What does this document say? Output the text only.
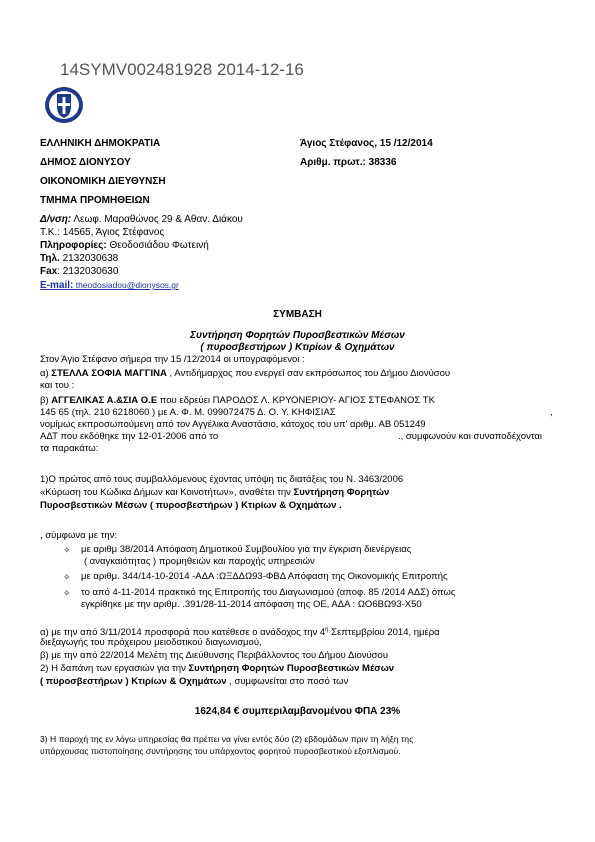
14SYMV002481928 2014-12-16
ΕΛΛΗΝΙΚΗ ΔΗΜΟΚΡΑΤΙΑ
ΔΗΜΟΣ ΔΙΟΝΥΣΟΥ
ΟΙΚΟΝΟΜΙΚΗ ΔΙΕΥΘΥΝΣΗ
ΤΜΗΜΑ ΠΡΟΜΗΘΕΙΩΝ
Άγιος Στέφανος, 15 /12/2014
Αριθμ. πρωτ.: 38336
Δ/νση: Λεωφ. Μαραθώνος 29 & Αθαν. Διάκου
Τ.Κ.: 14565, Άγιος Στέφανος
Πληροφορίες: Θεοδοσιάδου Φωτεινή
Τηλ. 2132030638
Fax: 2132030630
E-mail: theodosiadou@dionysos.gr
ΣΥΜΒΑΣΗ
Συντήρηση Φορητών Πυροσβεστικών Μέσων
( πυροσβεστήρων ) Κτιρίων & Οχημάτων
Στον Άγιο Στέφανο σήμερα την 15 /12/2014 οι υπογραφόμενοι :
α) ΣΤΕΛΛΑ ΣΟΦΙΑ ΜΑΓΓΙΝΑ , Αντιδήμαρχος που ενεργεί σαν εκπρόσωπος του Δήμου Διονύσου
και του :
β) ΑΓΓΕΛΙΚΑΣ Α.&ΣΙΑ Ο.Ε που εδρεύει ΠΑΡΟΔΟΣ Λ. ΚΡΥΟΝΕΡΙΟΥ- ΑΓΙΟΣ ΣΤΕΦΑΝΟΣ ΤΚ
145 65 (τηλ. 210 6218060 ) με Α. Φ. Μ. 099072475 Δ. Ο. Υ. ΚΗΦΙΣΙΑΣ	,
νομίμως εκπροσωπούμενη από τον Αγγέλικα Αναστάσιο, κάτοχος του υπ' αριθμ. ΑΒ 051249
ΑΔΤ που εκδόθηκε την 12-01-2006 από το	., συμφωνούν και συναποδέχονται
τα παρακάτω:
1)Ο πρώτος από τους συμβαλλόμενους έχοντας υπόψη τις διατάξεις του Ν. 3463/2006
«Κύρωση του Κώδικα Δήμων και Κοινοτήτων», αναθέτει την Συντήρηση Φορητών
Πυροσβεστικών Μέσων ( πυροσβεστήρων ) Κτιρίων & Οχημάτων .
, σύμφωνα με την:
✧ με αριθμ 38/2014 Απόφαση Δημοτικού Συμβουλίου για την έγκριση διενέργειας
( αναγκαιότητας ) προμηθειών και παροχής υπηρεσιών
✧ με αριθμ. 344/14-10-2014 -ΑΔΑ :ΩΞΔΔΩ93-ΦΒΔ Απόφαση της Οικονομικής Επιτροπής
✧ το από 4-11-2014 πρακτικό της Επιτροπής του Διαγωνισμού (αποφ. 85 /2014 ΑΔΣ) όπως
εγκρίθηκε με την αριθμ. .391/28-11-2014 απόφαση της ΟΕ, ΑΔΑ : ΩΟ6ΒΩ93-Χ50
α) με την από 3/11/2014 προσφορά που κατέθεσε ο ανάδοχος την $4^\eta$ Σεπτεμβρίου 2014, ημέρα
διεξαγωγής του πρόχειρου μειοδοτικού διαγωνισμού,
β) με την από 22/2014 Μελέτη της Διεύθυνσης Περιβάλλοντος του Δήμου Διονύσου
2) Η δαπάνη των εργασιών για την Συντήρηση Φορητών Πυροσβεστικών Μέσων
( πυροσβεστήρων ) Κτιρίων & Οχημάτων , συμφωνείται στο ποσό των
1624,84 € συμπεριλαμβανομένου ΦΠΑ 23%
3) Η παροχή της εν λόγω υπηρεσίας θα πρέπει να γίνει εντός δύο (2) εβδομάδων πριν τη λήξη της
υπάρχουσας πιστοποίησης συντήρησης του υπάρχοντος φορητού πυροσβεστικού εξοπλισμού.
